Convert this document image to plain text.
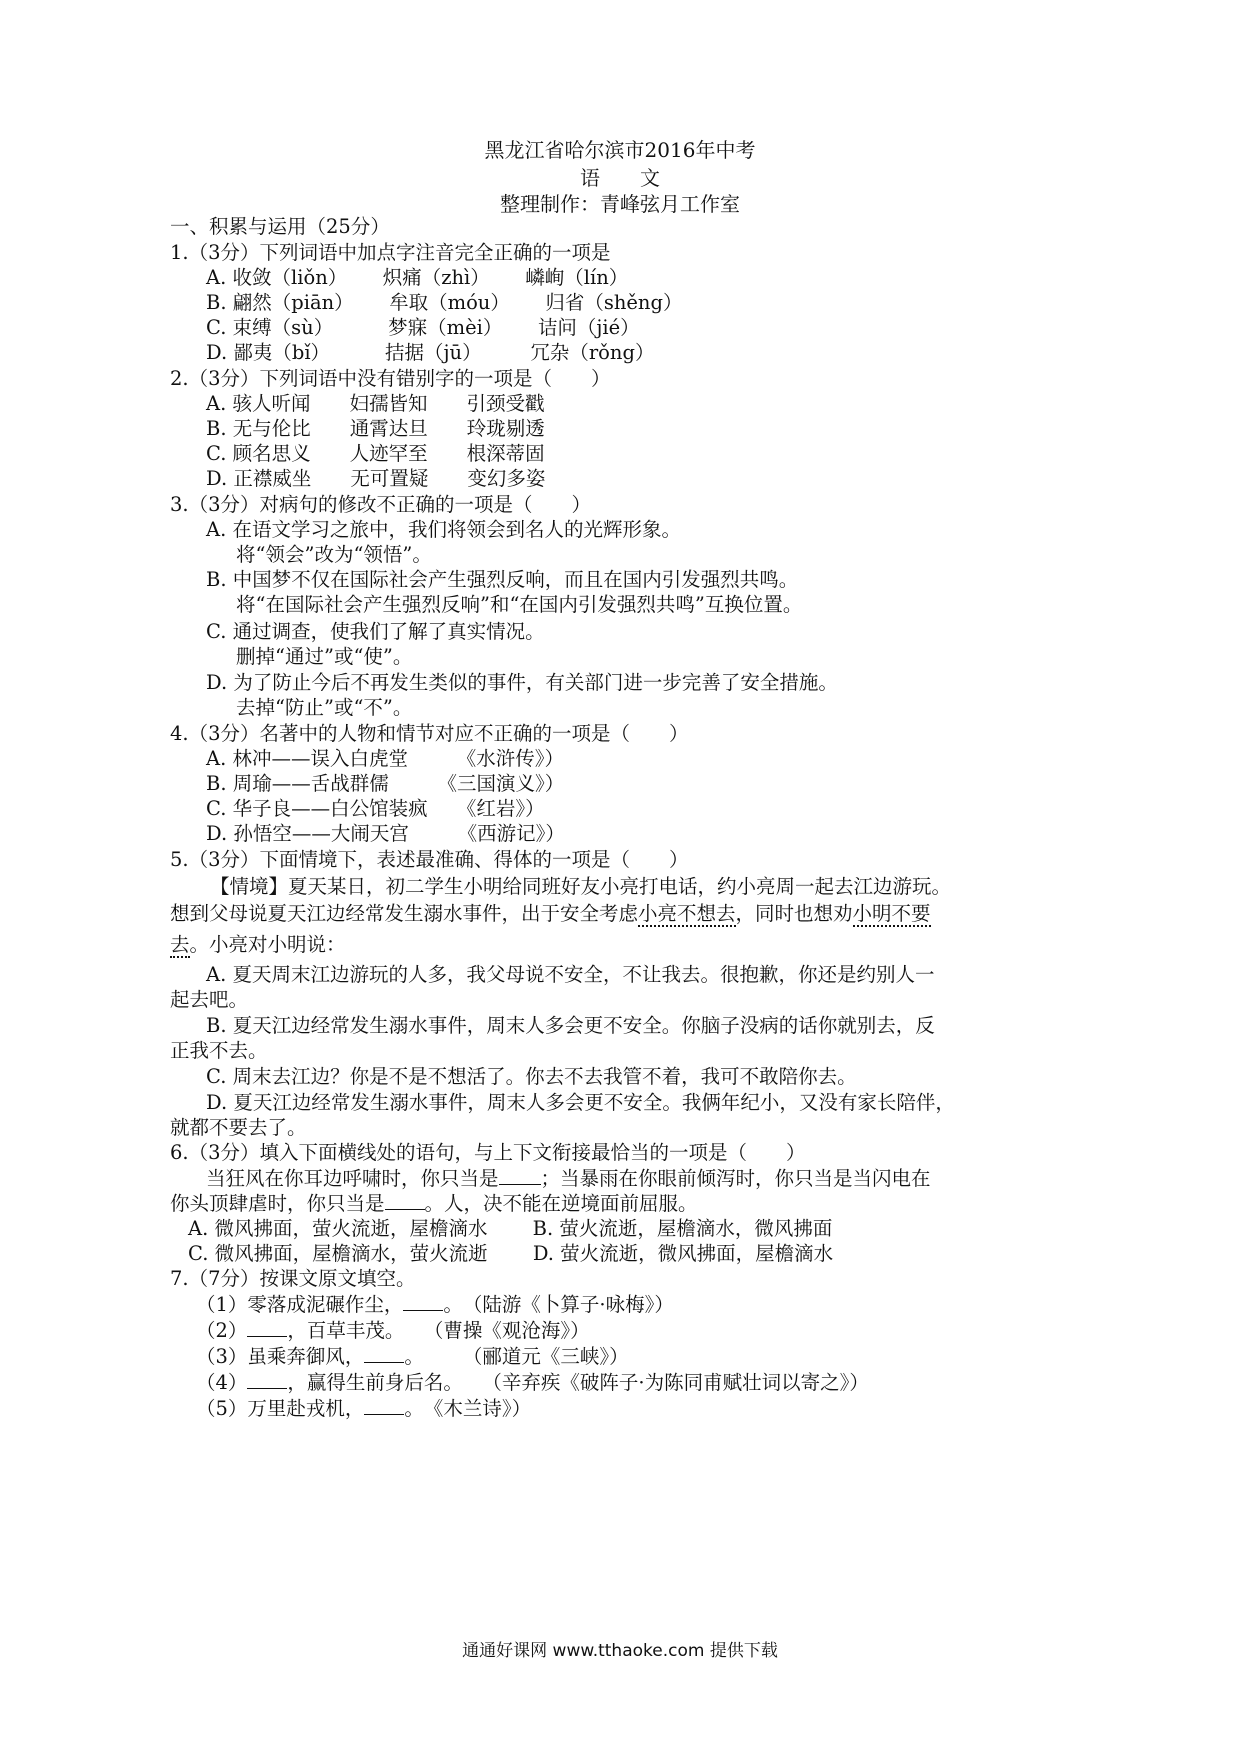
黑龙江省哈尔滨市2016年中考
语　　文
整理制作：青峰弦月工作室
一、积累与运用（25分）
1.（3分）下列词语中加点字注音完全正确的一项是
A. 收敛（liǒn）　　 炽痛（zhì）　　 嶙峋（lín）
B. 翩然（piān）　　 牟取（móu）　　 归省（shěng）
C. 束缚（sù）　　　 梦寐（mèi）　　 诘问（jié）
D. 鄙夷（bǐ）　　　 拮据（jū）　　　冗杂（rǒng）
2.（3分）下列词语中没有错别字的一项是（　　）
A. 骇人听闻　　妇孺皆知　　引颈受戳
B. 无与伦比　　通霄达旦　　玲珑剔透
C. 顾名思义　　人迹罕至　　根深蒂固
D. 正襟威坐　　无可置疑　　变幻多姿
3.（3分）对病句的修改不正确的一项是（　　）
A. 在语文学习之旅中，我们将领会到名人的光辉形象。
将“领会”改为“领悟”。
B. 中国梦不仅在国际社会产生强烈反响，而且在国内引发强烈共鸣。
将“在国际社会产生强烈反响”和“在国内引发强烈共鸣”互换位置。
C. 通过调查，使我们了解了真实情况。
删掉“通过”或“使”。
D. 为了防止今后不再发生类似的事件，有关部门进一步完善了安全措施。
去掉“防止”或“不”。
4.（3分）名著中的人物和情节对应不正确的一项是（　　）
A. 林冲——误入白虎堂　　　《水浒传》）
B. 周瑜——舌战群儒　　　《三国演义》）
C. 华子良——白公馆装疯　　《红岩》）
D. 孙悟空——大闹天宫　　　《西游记》）
5.（3分）下面情境下，表述最准确、得体的一项是（　　）
【情境】夏天某日，初二学生小明给同班好友小亮打电话，约小亮周一起去江边游玩。
想到父母说夏天江边经常发生溺水事件，出于安全考虑小亮不想去，同时也想劝小明不要
去。小亮对小明说：
A. 夏天周末江边游玩的人多，我父母说不安全，不让我去。很抱歉，你还是约别人一
起去吧。
B. 夏天江边经常发生溺水事件，周末人多会更不安全。你脑子没病的话你就别去，反
正我不去。
C. 周末去江边？你是不是不想活了。你去不去我管不着，我可不敢陪你去。
D. 夏天江边经常发生溺水事件，周末人多会更不安全。我俩年纪小，又没有家长陪伴，
就都不要去了。
6.（3分）填入下面横线处的语句，与上下文衔接最恰当的一项是（　　）
当狂风在你耳边呼啸时，你只当是 ；当暴雨在你眼前倾泻时，你只当是当闪电在
你头顶肆虐时，你只当是 。人，决不能在逆境面前屈服。
A. 微风拂面，萤火流逝，屋檐滴水　　 B. 萤火流逝，屋檐滴水，微风拂面
C. 微风拂面，屋檐滴水，萤火流逝　　 D. 萤火流逝，微风拂面，屋檐滴水
7.（7分）按课文原文填空。
（1）零落成泥碾作尘， 。　（陆游《卜算子·咏梅》）
（2） ，百草丰茂。　　（曹操《观沧海》）
（3）虽乘奔御风， 。　　　（郦道元《三峡》）
（4） ，赢得生前身后名。　　（辛弃疾《破阵子·为陈同甫赋壮词以寄之》）
（5）万里赴戎机， 。　《木兰诗》）
通通好课网 www.tthaoke.com 提供下载
